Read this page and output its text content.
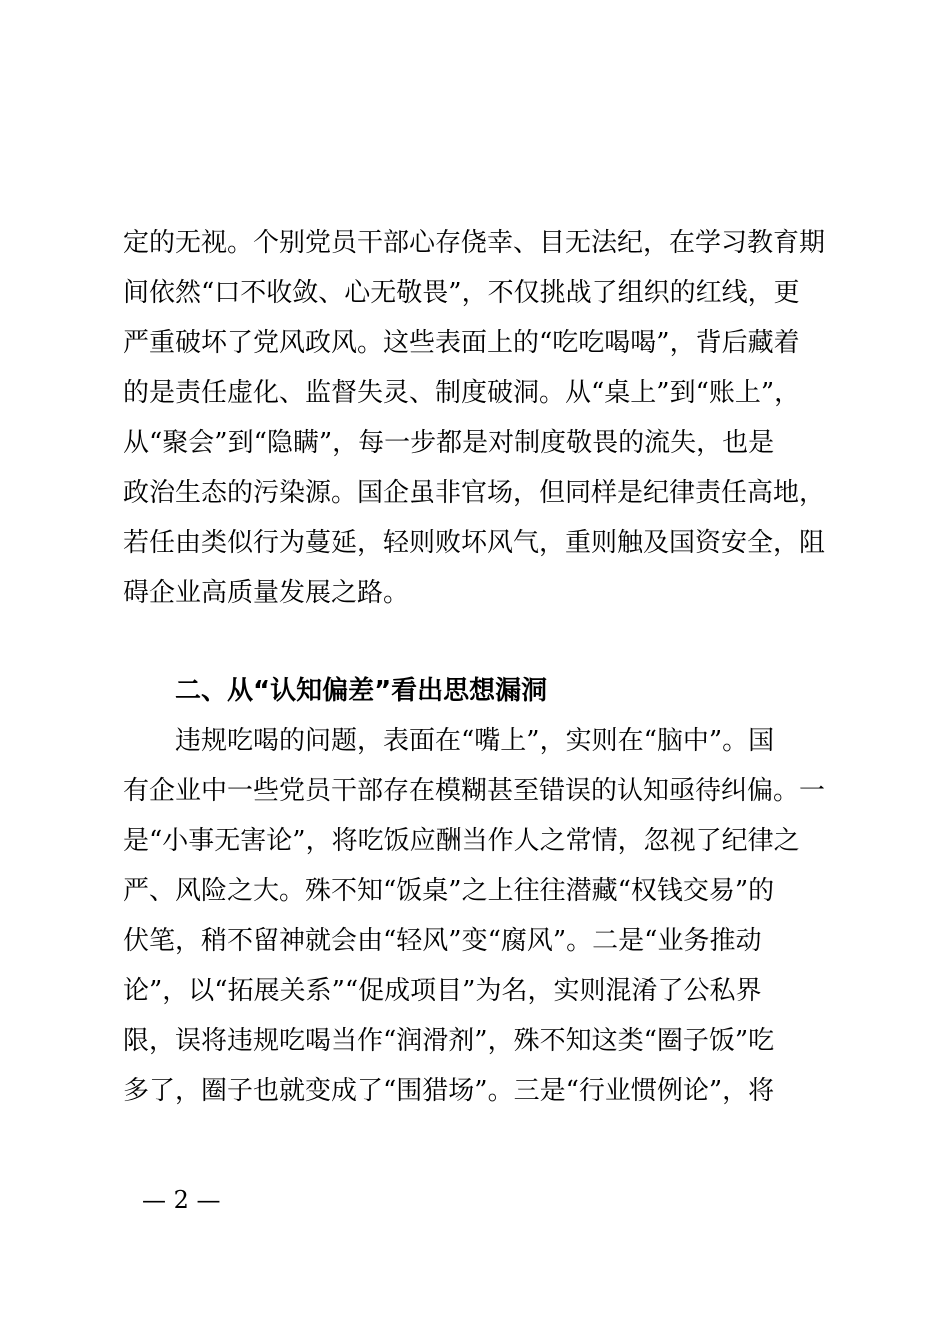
定的无视。个别党员干部心存侥幸、目无法纪，在学习教育期
间依然“口不收敛、心无敬畏”，不仅挑战了组织的红线，更
严重破坏了党风政风。这些表面上的“吃吃喝喝”，背后藏着
的是责任虚化、监督失灵、制度破洞。从“桌上”到“账上”，
从“聚会”到“隐瞒”，每一步都是对制度敬畏的流失，也是
政治生态的污染源。国企虽非官场，但同样是纪律责任高地，
若任由类似行为蔓延，轻则败坏风气，重则触及国资安全，阻
碍企业高质量发展之路。
二、从“认知偏差”看出思想漏洞
违规吃喝的问题，表面在“嘴上”，实则在“脑中”。国
有企业中一些党员干部存在模糊甚至错误的认知亟待纠偏。一
是“小事无害论”，将吃饭应酬当作人之常情，忽视了纪律之
严、风险之大。殊不知“饭桌”之上往往潜藏“权钱交易”的
伏笔，稍不留神就会由“轻风”变“腐风”。二是“业务推动
论”，以“拓展关系”“促成项目”为名，实则混淆了公私界
限，误将违规吃喝当作“润滑剂”，殊不知这类“圈子饭”吃
多了，圈子也就变成了“围猎场”。三是“行业惯例论”，将
— 2 —
